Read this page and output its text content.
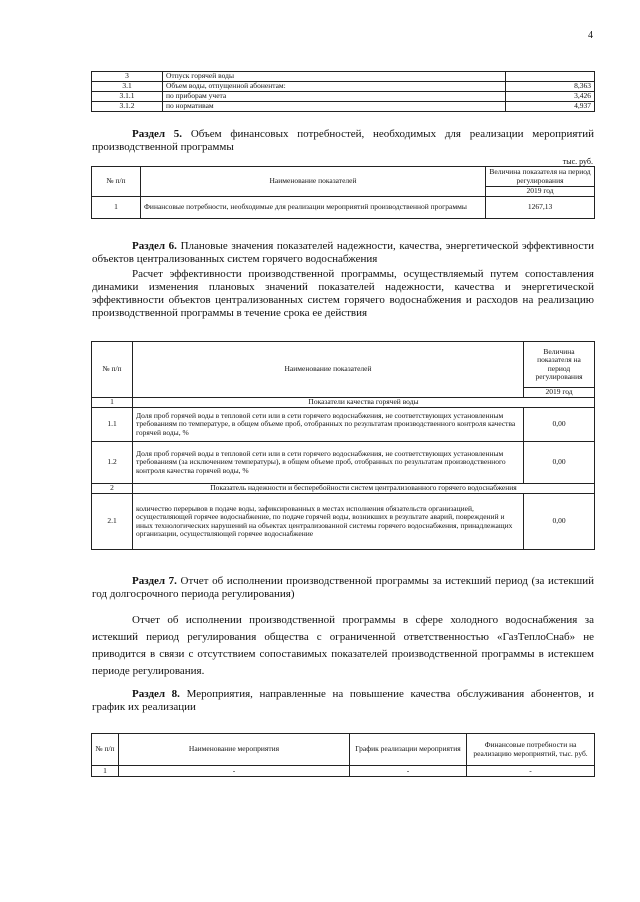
4
3	Отпуск горячей воды	
3.1	Объем воды, отпущенной абонентам:	8,363
3.1.1	по приборам учета	3,426
3.1.2	по нормативам	4,937
Раздел 5. Объем финансовых потребностей, необходимых для реализации мероприятий производственной программы
тыс. руб.
№ п/п	Наименование показателей	Величина показателя на период регулирования
		2019 год
1	Финансовые потребности, необходимые для реализации мероприятий производственной программы	1267,13
Раздел 6. Плановые значения показателей надежности, качества, энергетической эффективности объектов централизованных систем горячего водоснабжения
Расчет эффективности производственной программы, осуществляемый путем сопоставления динамики изменения плановых значений показателей надежности, качества и энергетической эффективности объектов централизованных систем горячего водоснабжения и расходов на реализацию производственной программы в течение срока ее действия
№ п/п	Наименование показателей	Величина показателя на период регулирования
		2019 год
1	Показатели качества горячей воды	
1.1	Доля проб горячей воды в тепловой сети или в сети горячего водоснабжения, не соответствующих установленным требованиям по температуре, в общем объеме проб, отобранных по результатам производственного контроля качества горячей воды, %	0,00
1.2	Доля проб горячей воды в тепловой сети или в сети горячего водоснабжения, не соответствующих установленным требованиям (за исключением температуры), в общем объеме проб, отобранных по результатам производственного контроля качества горячей воды, %	0,00
2	Показатель надежности и бесперебойности систем централизованного горячего водоснабжения	
2.1	количество перерывов в подаче воды, зафиксированных в местах исполнения обязательств организацией, осуществляющей горячее водоснабжение, по подаче горячей воды, возникших в результате аварий, повреждений и иных технологических нарушений на объектах централизованной системы горячего водоснабжения, принадлежащих организации, осуществляющей горячее водоснабжение	0,00
Раздел 7. Отчет об исполнении производственной программы за истекший период (за истекший год долгосрочного периода регулирования)
Отчет об исполнении производственной программы в сфере холодного водоснабжения за истекший период регулирования общества с ограниченной ответственностью «ГазТеплоСнаб» не приводится в связи с отсутствием сопоставимых показателей производственной программы в истекшем периоде регулирования.
Раздел 8. Мероприятия, направленные на повышение качества обслуживания абонентов, и график их реализации
№ п/п	Наименование мероприятия	График реализации мероприятия	Финансовые потребности на реализацию мероприятий, тыс. руб.
1	-	-	-
